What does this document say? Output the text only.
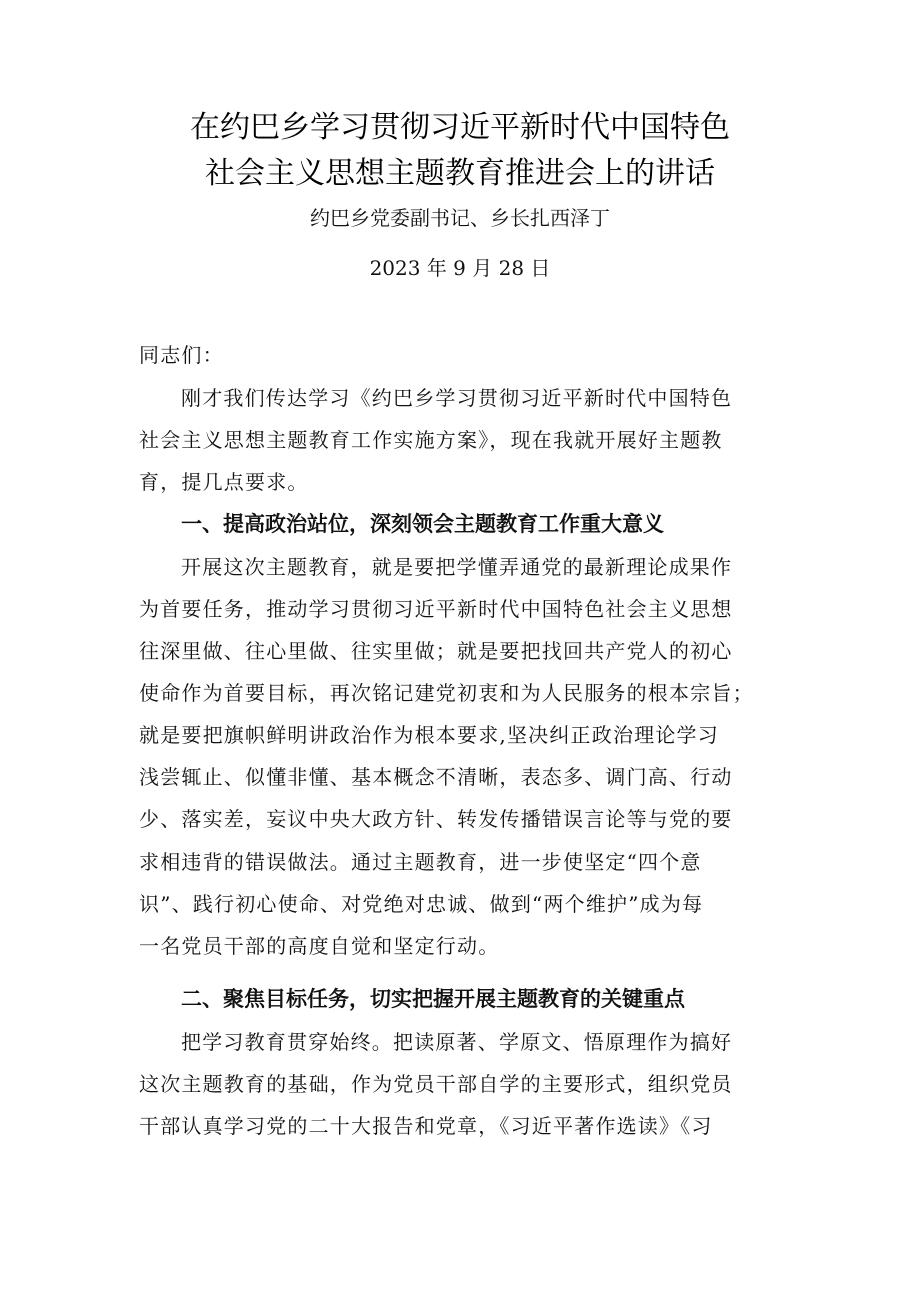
在约巴乡学习贯彻习近平新时代中国特色
社会主义思想主题教育推进会上的讲话
约巴乡党委副书记、乡长扎西泽丁
2023 年 9 月 28 日
同志们：
刚才我们传达学习《约巴乡学习贯彻习近平新时代中国特色
社会主义思想主题教育工作实施方案》，现在我就开展好主题教
育，提几点要求。
一、提高政治站位，深刻领会主题教育工作重大意义
开展这次主题教育，就是要把学懂弄通党的最新理论成果作
为首要任务，推动学习贯彻习近平新时代中国特色社会主义思想
往深里做、往心里做、往实里做；就是要把找回共产党人的初心
使命作为首要目标，再次铭记建党初衷和为人民服务的根本宗旨；
就是要把旗帜鲜明讲政治作为根本要求,坚决纠正政治理论学习
浅尝辄止、似懂非懂、基本概念不清晰，表态多、调门高、行动
少、落实差，妄议中央大政方针、转发传播错误言论等与党的要
求相违背的错误做法。通过主题教育，进一步使坚定“四个意
识”、践行初心使命、对党绝对忠诚、做到“两个维护”成为每
一名党员干部的高度自觉和坚定行动。
二、聚焦目标任务，切实把握开展主题教育的关键重点
把学习教育贯穿始终。把读原著、学原文、悟原理作为搞好
这次主题教育的基础，作为党员干部自学的主要形式，组织党员
干部认真学习党的二十大报告和党章，《习近平著作选读》《习
